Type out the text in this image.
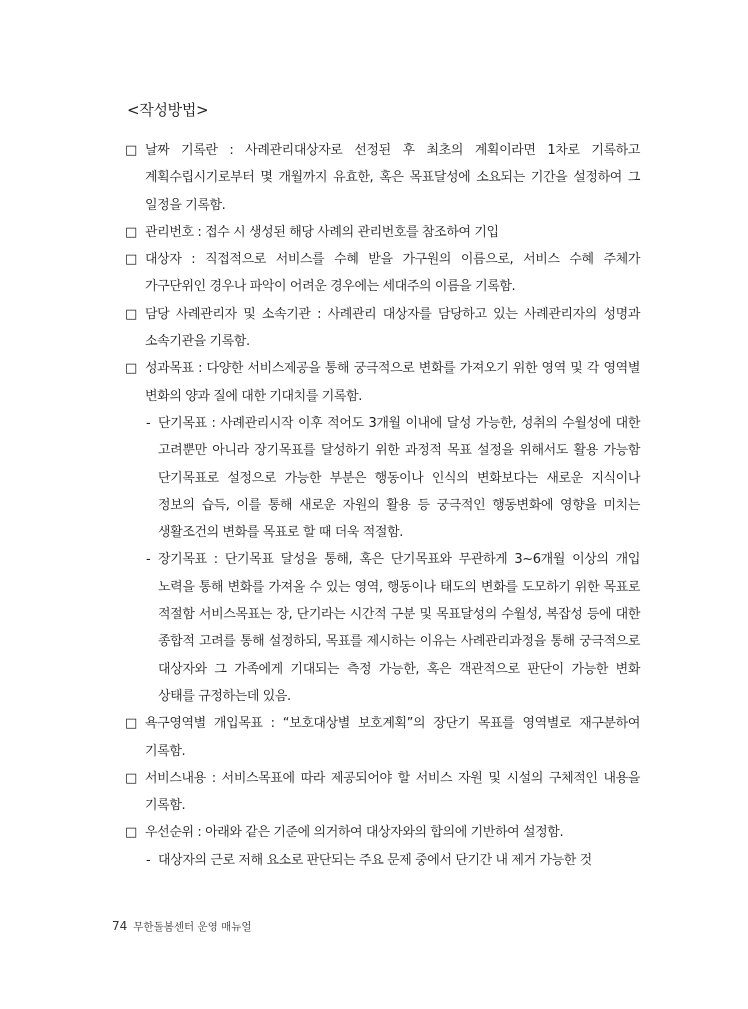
<작성방법>
□ 날짜 기록란 : 사례관리대상자로 선정된 후 최초의 계획이라면 1차로 기록하고 계획수립시기로부터 몇 개월까지 유효한, 혹은 목표달성에 소요되는 기간을 설정하여 그 일정을 기록함.
□ 관리번호 : 접수 시 생성된 해당 사례의 관리번호를 참조하여 기입
□ 대상자 : 직접적으로 서비스를 수혜 받을 가구원의 이름으로, 서비스 수혜 주체가 가구단위인 경우나 파악이 어려운 경우에는 세대주의 이름을 기록함.
□ 담당 사례관리자 및 소속기관 : 사례관리 대상자를 담당하고 있는 사례관리자의 성명과 소속기관을 기록함.
□ 성과목표 : 다양한 서비스제공을 통해 궁극적으로 변화를 가져오기 위한 영역 및 각 영역별 변화의 양과 질에 대한 기대치를 기록함.
- 단기목표 : 사례관리시작 이후 적어도 3개월 이내에 달성 가능한, 성취의 수월성에 대한 고려뿐만 아니라 장기목표를 달성하기 위한 과정적 목표 설정을 위해서도 활용 가능함 단기목표로 설정으로 가능한 부분은 행동이나 인식의 변화보다는 새로운 지식이나 정보의 습득, 이를 통해 새로운 자원의 활용 등 궁극적인 행동변화에 영향을 미치는 생활조건의 변화를 목표로 할 때 더욱 적절함.
- 장기목표 : 단기목표 달성을 통해, 혹은 단기목표와 무관하게 3~6개월 이상의 개입 노력을 통해 변화를 가져올 수 있는 영역, 행동이나 태도의 변화를 도모하기 위한 목표로 적절함 서비스목표는 장, 단기라는 시간적 구분 및 목표달성의 수월성, 복잡성 등에 대한 종합적 고려를 통해 설정하되, 목표를 제시하는 이유는 사례관리과정을 통해 궁극적으로 대상자와 그 가족에게 기대되는 측정 가능한, 혹은 객관적으로 판단이 가능한 변화 상태를 규정하는데 있음.
□ 욕구영역별 개입목표 : “보호대상별 보호계획”의 장단기 목표를 영역별로 재구분하여 기록함.
□ 서비스내용 : 서비스목표에 따라 제공되어야 할 서비스 자원 및 시설의 구체적인 내용을 기록함.
□ 우선순위 : 아래와 같은 기준에 의거하여 대상자와의 합의에 기반하여 설정함.
- 대상자의 근로 저해 요소로 판단되는 주요 문제 중에서 단기간 내 제거 가능한 것
74 무한돌봄센터 운영 매뉴얼
